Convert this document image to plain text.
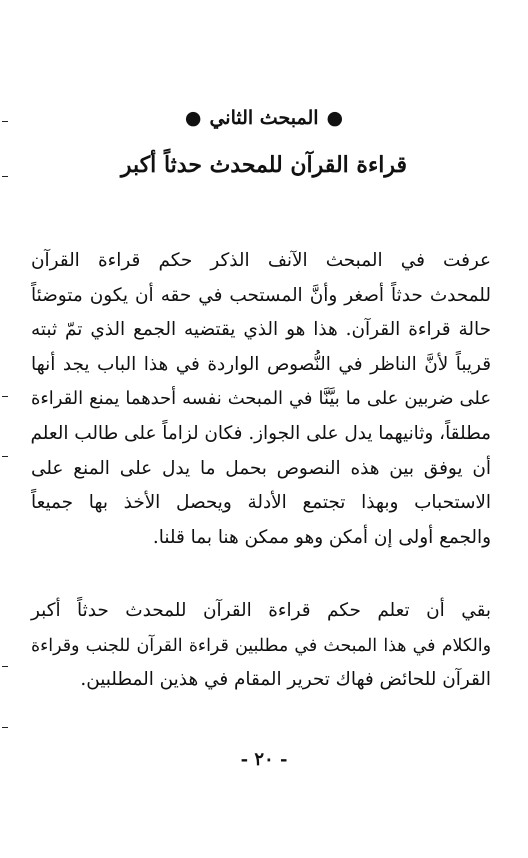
●المبحث الثاني●
قراءة القرآن للمحدث حدثاً أكبر
عرفت في المبحث الآنف الذكر حكم قراءة القرآن
للمحدث حدثاً أصغر وأنَّ المستحب في حقه أن يكون متوضئاً
حالة قراءة القرآن. هذا هو الذي يقتضيه الجمع الذي تمّ ثبته
قريباً لأنَّ الناظر في النُّصوص الواردة في هذا الباب يجد أنها
على ضربين على ما بيَّنَّا في المبحث نفسه أحدهما يمنع القراءة
مطلقاً، وثانيهما يدل على الجواز. فكان لزاماً على طالب العلم
أن يوفق بين هذه النصوص بحمل ما يدل على المنع على
الاستحباب وبهذا تجتمع الأدلة ويحصل الأخذ بها جميعاً
والجمع أولى إن أمكن وهو ممكن هنا بما قلنا.
بقي أن تعلم حكم قراءة القرآن للمحدث حدثاً أكبر
والكلام في هذا المبحث في مطلبين قراءة القرآن للجنب وقراءة
القرآن للحائض فهاك تحرير المقام في هذين المطلبين.
- ٢٠ -
